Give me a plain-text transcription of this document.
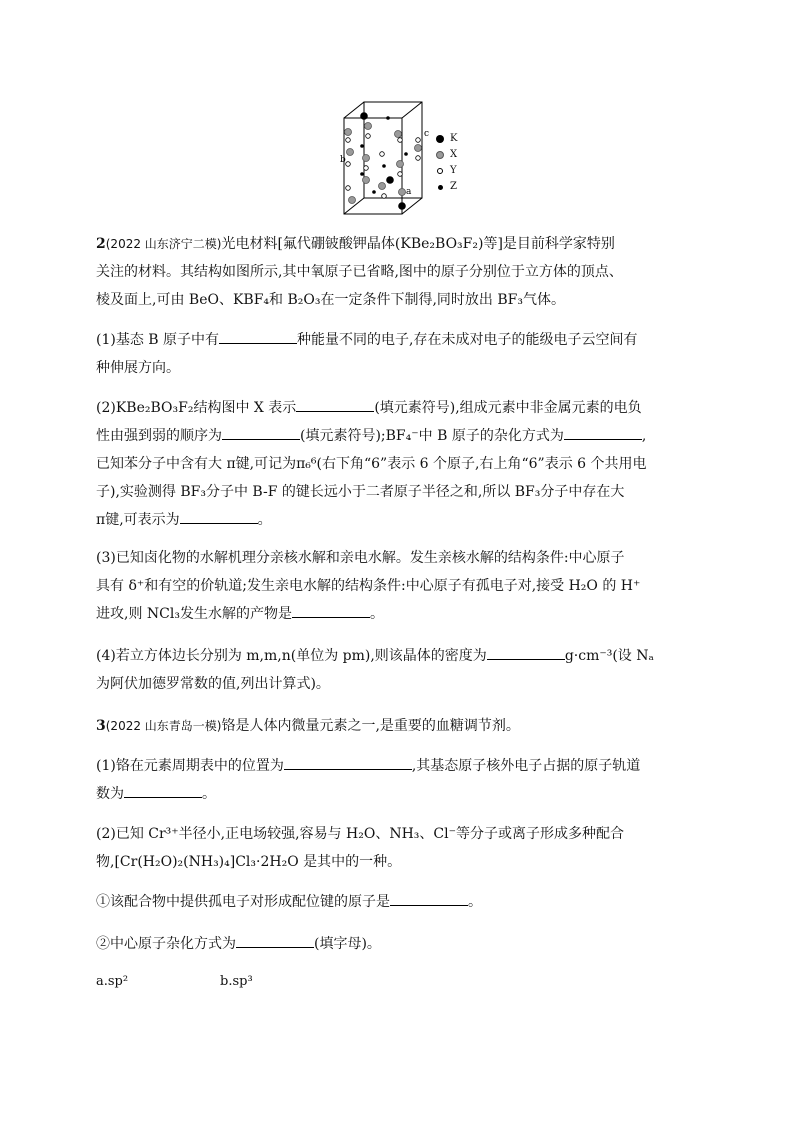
b
a
c K
X
Y
Z
2(2022 山东济宁二模)光电材料[氟代硼铍酸钾晶体(KBe₂BO₃F₂)等]是目前科学家特别
关注的材料。其结构如图所示,其中氧原子已省略,图中的原子分别位于立方体的顶点、
棱及面上,可由 BeO、KBF₄和 B₂O₃在一定条件下制得,同时放出 BF₃气体。
(1)基态 B 原子中有	种能量不同的电子,存在未成对电子的能级电子云空间有
种伸展方向。
(2)KBe₂BO₃F₂结构图中 X 表示	(填元素符号),组成元素中非金属元素的电负
性由强到弱的顺序为	(填元素符号);BF₄⁻中 B 原子的杂化方式为	,
已知苯分子中含有大 π键,可记为π₆⁶(右下角“6”表示 6 个原子,右上角“6”表示 6 个共用电
子),实验测得 BF₃分子中 B-F 的键长远小于二者原子半径之和,所以 BF₃分子中存在大
π键,可表示为	。
(3)已知卤化物的水解机理分亲核水解和亲电水解。发生亲核水解的结构条件:中心原子
具有 δ⁺和有空的价轨道;发生亲电水解的结构条件:中心原子有孤电子对,接受 H₂O 的 H⁺
进攻,则 NCl₃发生水解的产物是	。
(4)若立方体边长分别为 m,m,n(单位为 pm),则该晶体的密度为	g·cm⁻³(设 Nₐ
为阿伏加德罗常数的值,列出计算式)。
3(2022 山东青岛一模)铬是人体内微量元素之一,是重要的血糖调节剂。
(1)铬在元素周期表中的位置为	,其基态原子核外电子占据的原子轨道
数为	。
(2)已知 Cr³⁺半径小,正电场较强,容易与 H₂O、NH₃、Cl⁻等分子或离子形成多种配合
物,[Cr(H₂O)₂(NH₃)₄]Cl₃·2H₂O 是其中的一种。
①该配合物中提供孤电子对形成配位键的原子是	。
②中心原子杂化方式为	(填字母)。
a.sp²	b.sp³
